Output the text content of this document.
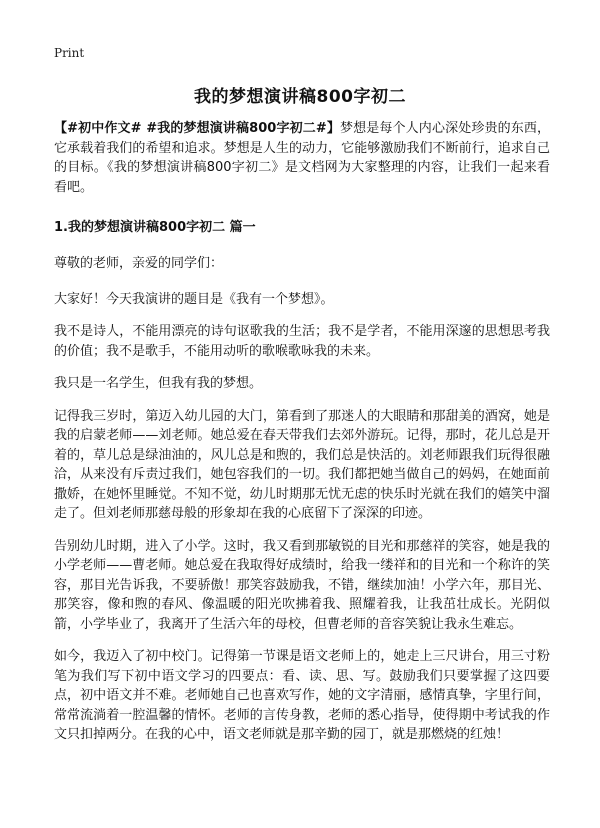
Print
我的梦想演讲稿800字初二

【#初中作文# #我的梦想演讲稿800字初二#】梦想是每个人内心深处珍贵的东西，它承载着我们的希望和追求。梦想是人生的动力，它能够激励我们不断前行，追求自己的目标。《我的梦想演讲稿800字初二》是文档网为大家整理的内容，让我们一起来看看吧。

1.我的梦想演讲稿800字初二 篇一

尊敬的老师，亲爱的同学们：

大家好！今天我演讲的题目是《我有一个梦想》。

我不是诗人，不能用漂亮的诗句讴歌我的生活；我不是学者，不能用深邃的思想思考我的价值；我不是歌手，不能用动听的歌喉歌咏我的未来。

我只是一名学生，但我有我的梦想。

记得我三岁时，第迈入幼儿园的大门，第看到了那迷人的大眼睛和那甜美的酒窝，她是我的启蒙老师——刘老师。她总爱在春天带我们去郊外游玩。记得，那时，花儿总是开着的，草儿总是绿油油的，风儿总是和煦的，我们总是快活的。刘老师跟我们玩得很融洽，从来没有斥责过我们，她包容我们的一切。我们都把她当做自己的妈妈，在她面前撒娇，在她怀里睡觉。不知不觉，幼儿时期那无忧无虑的快乐时光就在我们的嬉笑中溜走了。但刘老师那慈母般的形象却在我的心底留下了深深的印迹。

告别幼儿时期，进入了小学。这时，我又看到那敏锐的目光和那慈祥的笑容，她是我的小学老师——曹老师。她总爱在我取得好成绩时，给我一缕祥和的目光和一个称许的笑容，那目光告诉我，不要骄傲！那笑容鼓励我，不错，继续加油！小学六年，那目光、那笑容，像和煦的春风、像温暖的阳光吹拂着我、照耀着我，让我茁壮成长。光阴似箭，小学毕业了，我离开了生活六年的母校，但曹老师的音容笑貌让我永生难忘。

如今，我迈入了初中校门。记得第一节课是语文老师上的，她走上三尺讲台，用三寸粉笔为我们写下初中语文学习的四要点：看、读、思、写。鼓励我们只要掌握了这四要点，初中语文并不难。老师她自己也喜欢写作，她的文字清丽，感情真挚，字里行间，常常流淌着一腔温馨的情怀。老师的言传身教，老师的悉心指导，使得期中考试我的作文只扣掉两分。在我的心中，语文老师就是那辛勤的园丁，就是那燃烧的红烛！
